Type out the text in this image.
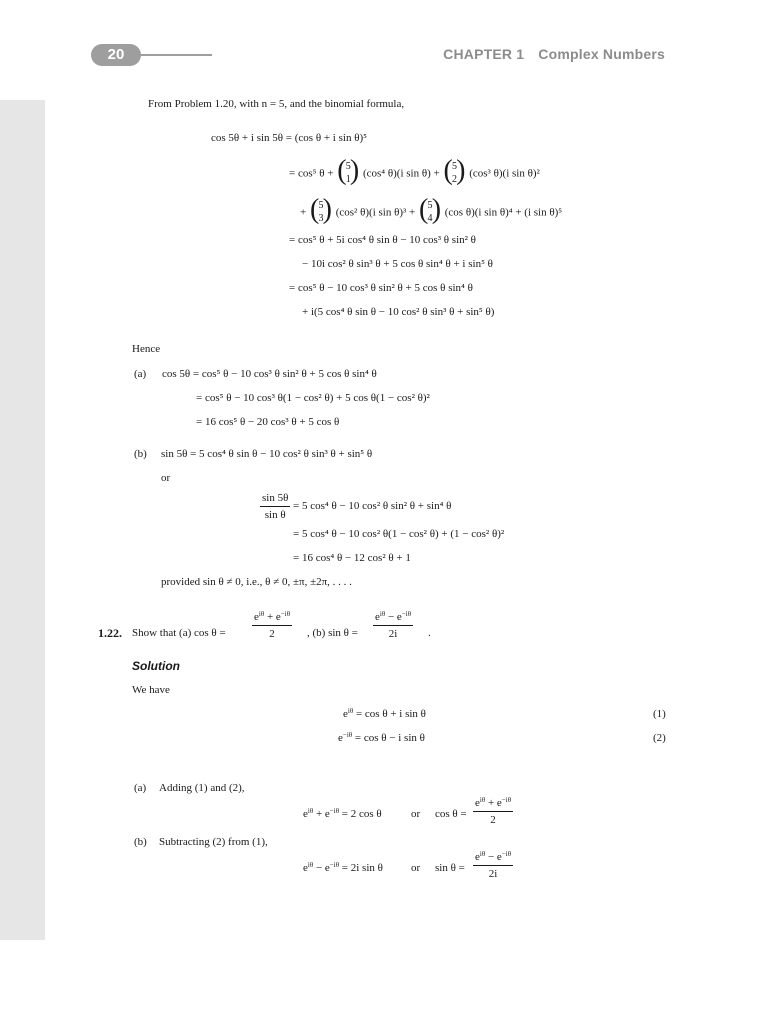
20	CHAPTER 1 Complex Numbers
From Problem 1.20, with n = 5, and the binomial formula,
cos 5θ + i sin 5θ = (cos θ + i sin θ)⁵
= cos⁵ θ + ( 5
1 ) (cos⁴ θ)(i sin θ) + ( 5
2 ) (cos³ θ)(i sin θ)²
+ ( 5
3 ) (cos² θ)(i sin θ)³ + ( 5
4 ) (cos θ)(i sin θ)⁴ + (i sin θ)⁵
= cos⁵ θ + 5i cos⁴ θ sin θ − 10 cos³ θ sin² θ
− 10i cos² θ sin³ θ + 5 cos θ sin⁴ θ + i sin⁵ θ
= cos⁵ θ − 10 cos³ θ sin² θ + 5 cos θ sin⁴ θ
+ i(5 cos⁴ θ sin θ − 10 cos² θ sin³ θ + sin⁵ θ)
Hence
(a) cos 5θ = cos⁵ θ − 10 cos³ θ sin² θ + 5 cos θ sin⁴ θ
= cos⁵ θ − 10 cos³ θ(1 − cos² θ) + 5 cos θ(1 − cos² θ)²
= 16 cos⁵ θ − 20 cos³ θ + 5 cos θ
(b) sin 5θ = 5 cos⁴ θ sin θ − 10 cos² θ sin³ θ + sin⁵ θ
or
$\frac{\sin 5\theta}{\text{sin θ}} = 5$ cos⁴ θ − 10 cos² θ sin² θ + sin⁴ θ
= 5 cos⁴ θ − 10 cos² θ(1 − cos² θ) + (1 − cos² θ)²
= 16 cos⁴ θ − 12 cos² θ + 1
provided sin θ ≠ 0, i.e., θ ≠ 0, ±π, ±2π, . . . .
1.22. Show that (a) cos θ =
$e^{i\theta} + e^{-i\theta}$
2	, (b) sin θ =
$e^{i\theta} - e^{-i\theta}$
2i	.
Solution
We have
$e^{i\theta} = \cos \theta + i$ sin θ	(1)
$e^{-i\theta} = \cos \theta - i$ sin θ	(2)
(a) Adding (1) and (2),
$e^{i\theta} + e^{-i\theta} = 2$ cos θ	or cos θ =
$e^{i\theta} + e^{-i\theta}$
2
(b) Subtracting (2) from (1),
$e^{i\theta} - e^{-i\theta} = 2i$ sin θ	or sin θ =
$e^{i\theta} - e^{-i\theta}$
2i
